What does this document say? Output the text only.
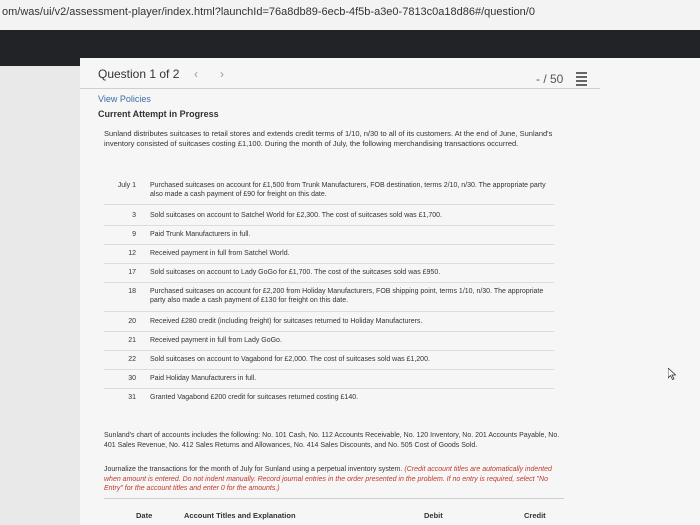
om/was/ui/v2/assessment-player/index.html?launchId=76a8db89-6ecb-4f5b-a3e0-7813c0a18d86#/question/0
Question 1 of 2 ‹ ›	- / 50
View Policies
Current Attempt in Progress
Sunland distributes suitcases to retail stores and extends credit terms of 1/10, n/30 to all of its customers. At the end of June, Sunland's inventory consisted of suitcases costing £1,100. During the month of July, the following merchandising transactions occurred.
July 1 Purchased suitcases on account for £1,500 from Trunk Manufacturers, FOB destination, terms 2/10, n/30. The appropriate party also made a cash payment of £90 for freight on this date.
3 Sold suitcases on account to Satchel World for £2,300. The cost of suitcases sold was £1,700.
9 Paid Trunk Manufacturers in full.
12 Received payment in full from Satchel World.
17 Sold suitcases on account to Lady GoGo for £1,700. The cost of the suitcases sold was £950.
18 Purchased suitcases on account for £2,200 from Holiday Manufacturers, FOB shipping point, terms 1/10, n/30. The appropriate party also made a cash payment of £130 for freight on this date.
20 Received £280 credit (including freight) for suitcases returned to Holiday Manufacturers.
21 Received payment in full from Lady GoGo.
22 Sold suitcases on account to Vagabond for £2,000. The cost of suitcases sold was £1,200.
30 Paid Holiday Manufacturers in full.
31 Granted Vagabond £200 credit for suitcases returned costing £140.
Sunland's chart of accounts includes the following: No. 101 Cash, No. 112 Accounts Receivable, No. 120 Inventory, No. 201 Accounts Payable, No. 401 Sales Revenue, No. 412 Sales Returns and Allowances, No. 414 Sales Discounts, and No. 505 Cost of Goods Sold.
Journalize the transactions for the month of July for Sunland using a perpetual inventory system. (Credit account titles are automatically indented when amount is entered. Do not indent manually. Record journal entries in the order presented in the problem. If no entry is required, select "No Entry" for the account titles and enter 0 for the amounts.)
Date	Account Titles and Explanation	Debit	Credit
